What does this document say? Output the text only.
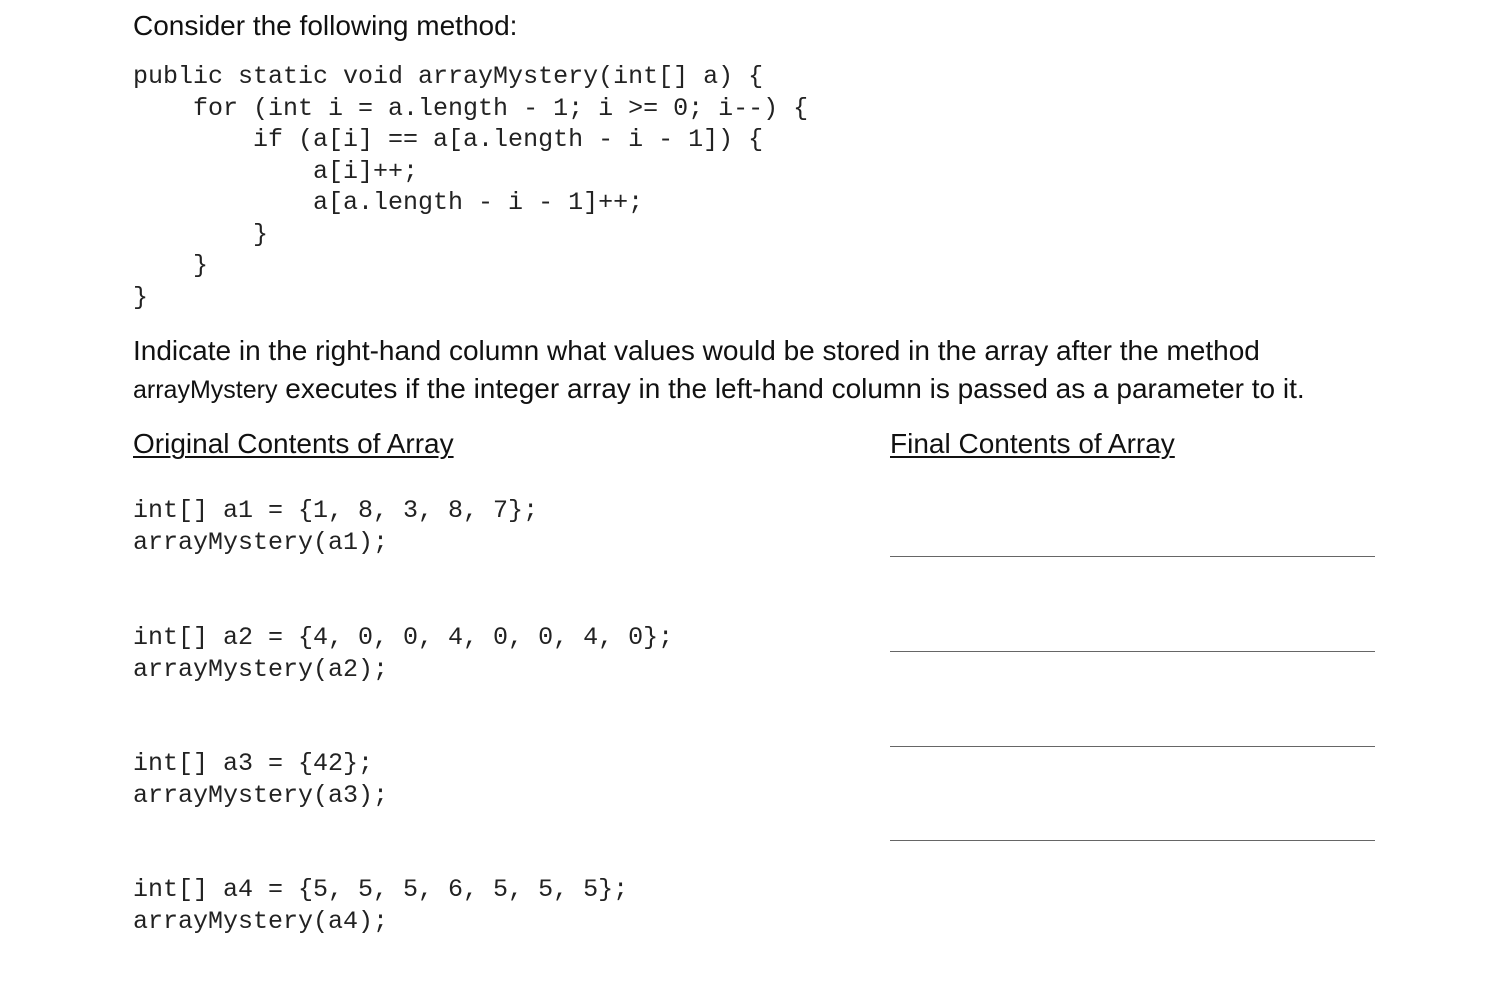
Consider the following method:
public static void arrayMystery(int[] a) {
for (int i = a.length - 1; i >= 0; i--) {
if (a[i] == a[a.length - i - 1]) {
a[i]++;
a[a.length - i - 1]++;
}
}
}
Indicate in the right-hand column what values would be stored in the array after the method
arrayMystery executes if the integer array in the left-hand column is passed as a parameter to it.
Original Contents of Array	Final Contents of Array
int[] a1 = {1, 8, 3, 8, 7};
arrayMystery(a1);
int[] a2 = {4, 0, 0, 4, 0, 0, 4, 0};
arrayMystery(a2);
int[] a3 = {42};
arrayMystery(a3);
int[] a4 = {5, 5, 5, 6, 5, 5, 5};
arrayMystery(a4);
